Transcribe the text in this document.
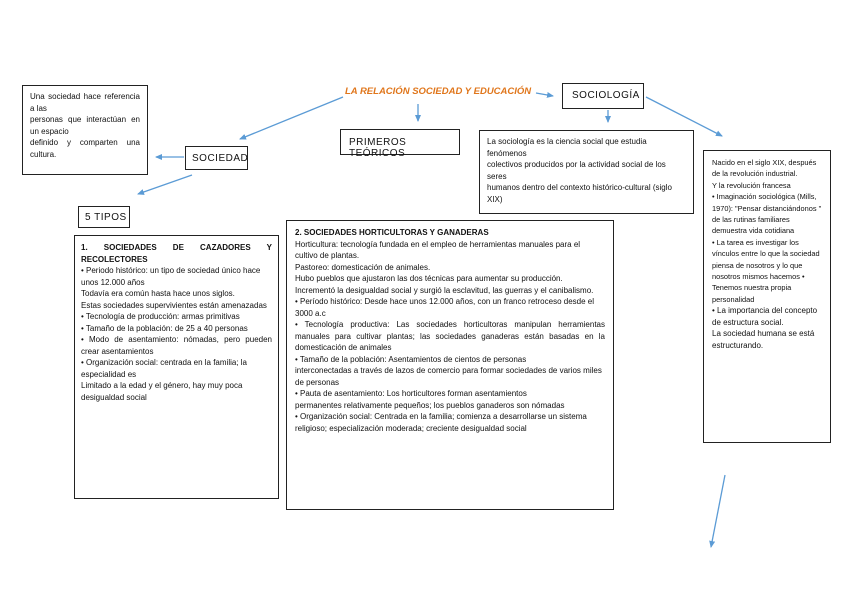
LA RELACIÓN SOCIEDAD Y EDUCACIÓN	SOCIOLOGÍA
SOCIEDAD
PRIMEROS TEÓRICOS
5 TIPOS

Una sociedad hace referencia a las

personas que interactúan en un espacio

definido y comparten una cultura.

La sociología es la ciencia social que estudia fenómenos

colectivos producidos por la actividad social de los seres

humanos dentro del contexto histórico-cultural (siglo XIX)

Nacido en el siglo XIX, después de la revolución industrial.

Y la revolución francesa

• Imaginación sociológica (Mills, 1970): "Pensar distanciándonos " de las rutinas familiares demuestra vida cotidiana

• La tarea es investigar los vínculos entre lo que la sociedad piensa de nosotros y lo que nosotros mismos hacemos • Tenemos nuestra propia personalidad

• La importancia del concepto de estructura social.

La sociedad humana se está estructurando.

1. SOCIEDADES DE CAZADORES Y RECOLECTORES

• Periodo histórico: un tipo de sociedad único hace unos 12.000 años

Todavía era común hasta hace unos siglos.

Estas sociedades supervivientes están amenazadas

• Tecnología de producción: armas primitivas

• Tamaño de la población: de 25 a 40 personas

• Modo de asentamiento: nómadas, pero pueden crear asentamientos

• Organización social: centrada en la familia; la especialidad es

Limitado a la edad y el género, hay muy poca desigualdad social

2. SOCIEDADES HORTICULTORAS Y GANADERAS

Horticultura: tecnología fundada en el empleo de herramientas manuales para el

cultivo de plantas.

Pastoreo: domesticación de animales.

Hubo pueblos que ajustaron las dos técnicas para aumentar su producción.

Incrementó la desigualdad social y surgió la esclavitud, las guerras y el canibalismo.

• Período histórico: Desde hace unos 12.000 años, con un franco retroceso desde el 3000 a.c

• Tecnología productiva: Las sociedades horticultoras manipulan herramientas manuales para cultivar plantas; las sociedades ganaderas están basadas en la domesticación de animales

• Tamaño de la población: Asentamientos de cientos de personas

interconectadas a través de lazos de comercio para formar sociedades de varios miles de personas

• Pauta de asentamiento: Los horticultores forman asentamientos

permanentes relativamente pequeños; los pueblos ganaderos son nómadas

• Organización social: Centrada en la familia; comienza a desarrollarse un sistema religioso; especialización moderada; creciente desigualdad social
